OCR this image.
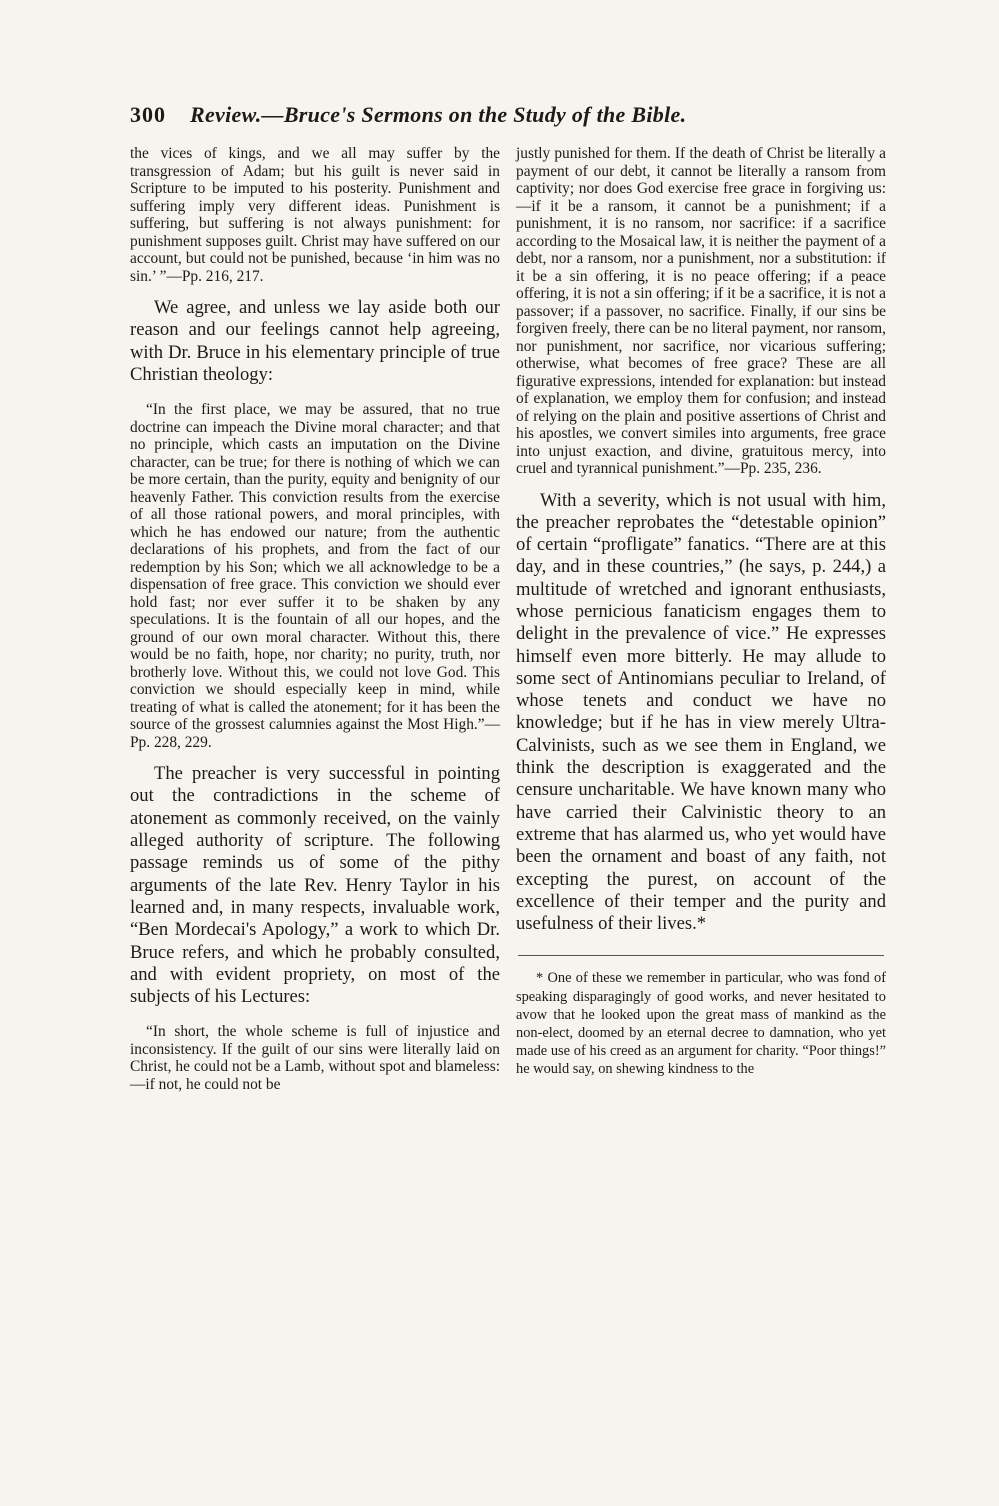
300 Review.—Bruce's Sermons on the Study of the Bible.

the vices of kings, and we all may suffer by the transgression of Adam; but his guilt is never said in Scripture to be imputed to his posterity. Punishment and suffering imply very different ideas. Punishment is suffering, but suffering is not always punishment: for punishment supposes guilt. Christ may have suffered on our account, but could not be punished, because ‘in him was no sin.’ ”—Pp. 216, 217.

We agree, and unless we lay aside both our reason and our feelings cannot help agreeing, with Dr. Bruce in his elementary principle of true Christian theology:

“In the first place, we may be assured, that no true doctrine can impeach the Divine moral character; and that no principle, which casts an imputation on the Divine character, can be true; for there is nothing of which we can be more certain, than the purity, equity and benignity of our heavenly Father. This conviction results from the exercise of all those rational powers, and moral principles, with which he has endowed our nature; from the authentic declarations of his prophets, and from the fact of our redemption by his Son; which we all acknowledge to be a dispensation of free grace. This conviction we should ever hold fast; nor ever suffer it to be shaken by any speculations. It is the fountain of all our hopes, and the ground of our own moral character. Without this, there would be no faith, hope, nor charity; no purity, truth, nor brotherly love. Without this, we could not love God. This conviction we should especially keep in mind, while treating of what is called the atonement; for it has been the source of the grossest calumnies against the Most High.”—Pp. 228, 229.

The preacher is very successful in pointing out the contradictions in the scheme of atonement as commonly received, on the vainly alleged authority of scripture. The following passage reminds us of some of the pithy arguments of the late Rev. Henry Taylor in his learned and, in many respects, invaluable work, “Ben Mordecai's Apology,” a work to which Dr. Bruce refers, and which he probably consulted, and with evident propriety, on most of the subjects of his Lectures:

“In short, the whole scheme is full of injustice and inconsistency. If the guilt of our sins were literally laid on Christ, he could not be a Lamb, without spot and blameless:—if not, he could not be

justly punished for them. If the death of Christ be literally a payment of our debt, it cannot be literally a ransom from captivity; nor does God exercise free grace in forgiving us:—if it be a ransom, it cannot be a punishment; if a punishment, it is no ransom, nor sacrifice: if a sacrifice according to the Mosaical law, it is neither the payment of a debt, nor a ransom, nor a punishment, nor a substitution: if it be a sin offering, it is no peace offering; if a peace offering, it is not a sin offering; if it be a sacrifice, it is not a passover; if a passover, no sacrifice. Finally, if our sins be forgiven freely, there can be no literal payment, nor ransom, nor punishment, nor sacrifice, nor vicarious suffering; otherwise, what becomes of free grace? These are all figurative expressions, intended for explanation: but instead of explanation, we employ them for confusion; and instead of relying on the plain and positive assertions of Christ and his apostles, we convert similes into arguments, free grace into unjust exaction, and divine, gratuitous mercy, into cruel and tyrannical punishment.”—Pp. 235, 236.

With a severity, which is not usual with him, the preacher reprobates the “detestable opinion” of certain “profligate” fanatics. “There are at this day, and in these countries,” (he says, p. 244,) a multitude of wretched and ignorant enthusiasts, whose pernicious fanaticism engages them to delight in the prevalence of vice.” He expresses himself even more bitterly. He may allude to some sect of Antinomians peculiar to Ireland, of whose tenets and conduct we have no knowledge; but if he has in view merely Ultra-Calvinists, such as we see them in England, we think the description is exaggerated and the censure uncharitable. We have known many who have carried their Calvinistic theory to an extreme that has alarmed us, who yet would have been the ornament and boast of any faith, not excepting the purest, on account of the excellence of their temper and the purity and usefulness of their lives.*

* One of these we remember in particular, who was fond of speaking disparagingly of good works, and never hesitated to avow that he looked upon the great mass of mankind as the non-elect, doomed by an eternal decree to damnation, who yet made use of his creed as an argument for charity. “Poor things!” he would say, on shewing kindness to the
